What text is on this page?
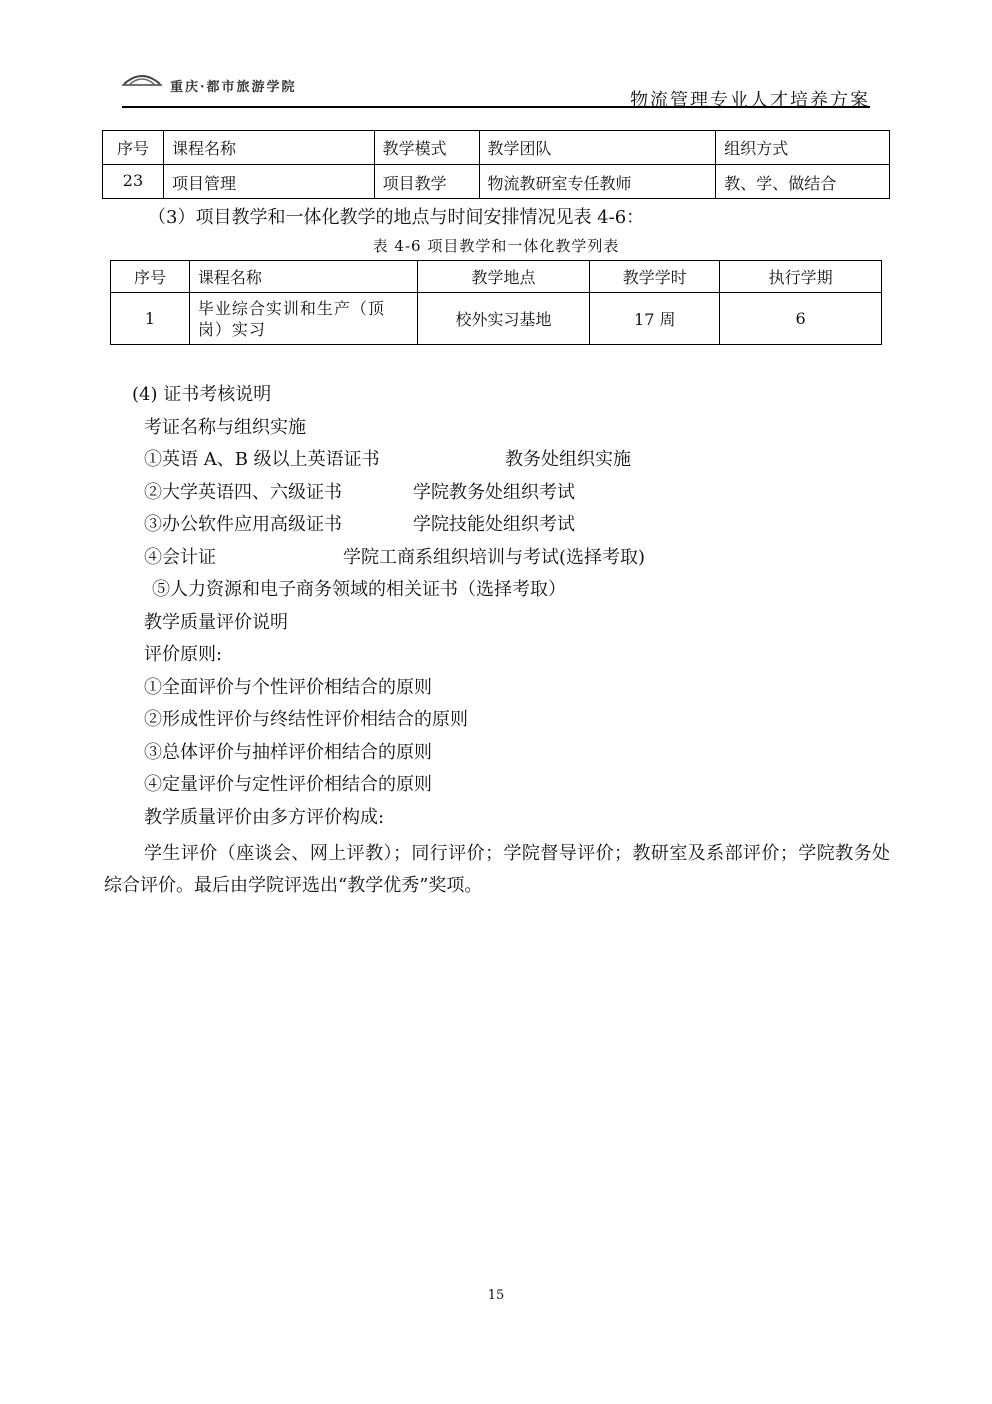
重庆·都市旅游学院
物流管理专业人才培养方案
序号	课程名称	教学模式	教学团队	组织方式
23	项目管理	项目教学	物流教研室专任教师	教、学、做结合
（3）项目教学和一体化教学的地点与时间安排情况见表 4-6：
表 4-6 项目教学和一体化教学列表
序号	课程名称	教学地点	教学学时	执行学期
1	毕业综合实训和生产（顶岗）实习	校外实习基地	17 周	6
(4) 证书考核说明
考证名称与组织实施
①英语 A、B 级以上英语证书	教务处组织实施
②大学英语四、六级证书	学院教务处组织考试
③办公软件应用高级证书	学院技能处组织考试
④会计证	学院工商系组织培训与考试(选择考取)
⑤人力资源和电子商务领域的相关证书（选择考取）
教学质量评价说明
评价原则:
①全面评价与个性评价相结合的原则
②形成性评价与终结性评价相结合的原则
③总体评价与抽样评价相结合的原则
④定量评价与定性评价相结合的原则
教学质量评价由多方评价构成:
学生评价（座谈会、网上评教）；同行评价；学院督导评价；教研室及系部评价；学院教务处综合评价。最后由学院评选出“教学优秀”奖项。
15
